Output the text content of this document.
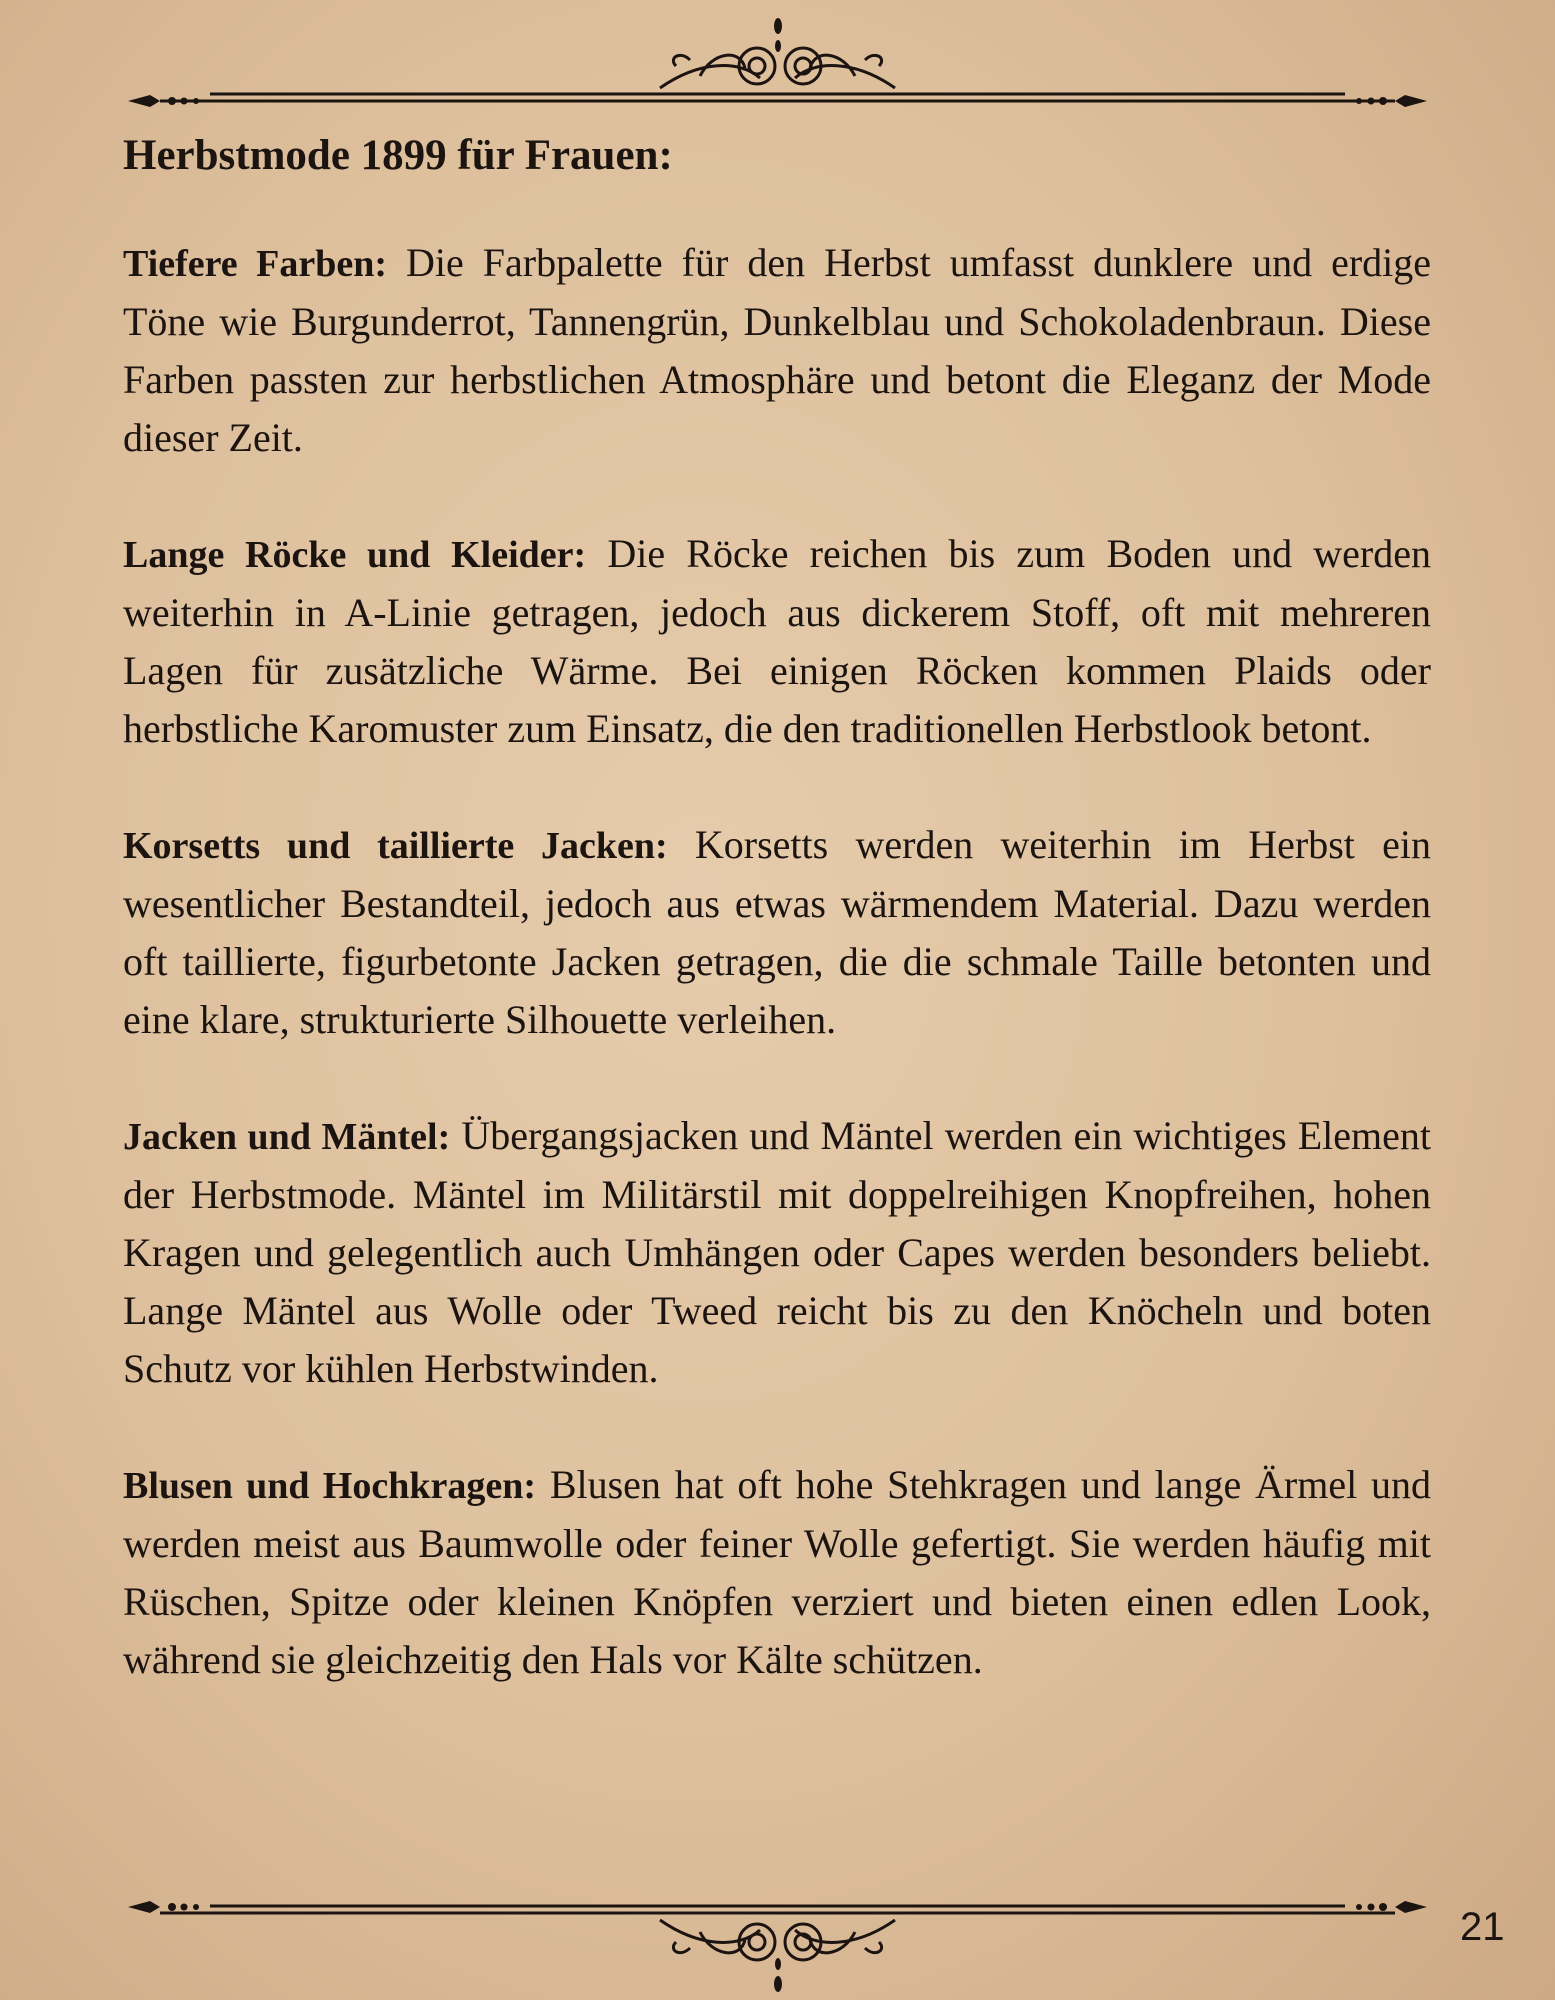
Herbstmode 1899 für Frauen:

Tiefere Farben: Die Farbpalette für den Herbst umfasst dunklere und erdige Töne wie Burgunderrot, Tannengrün, Dunkelblau und Schokoladenbraun. Diese Farben passten zur herbstlichen Atmosphäre und betont die Eleganz der Mode dieser Zeit.

Lange Röcke und Kleider: Die Röcke reichen bis zum Boden und werden weiterhin in A-Linie getragen, jedoch aus dickerem Stoff, oft mit mehreren Lagen für zusätzliche Wärme. Bei einigen Röcken kommen Plaids oder herbstliche Karomuster zum Einsatz, die den traditionellen Herbstlook betont.

Korsetts und taillierte Jacken: Korsetts werden weiterhin im Herbst ein wesentlicher Bestandteil, jedoch aus etwas wärmendem Material. Dazu werden oft taillierte, figurbetonte Jacken getragen, die die schmale Taille betonten und eine klare, strukturierte Silhouette verleihen.

Jacken und Mäntel: Übergangsjacken und Mäntel werden ein wichtiges Element der Herbstmode. Mäntel im Militärstil mit doppelreihigen Knopfreihen, hohen Kragen und gelegentlich auch Umhängen oder Capes werden besonders beliebt. Lange Mäntel aus Wolle oder Tweed reicht bis zu den Knöcheln und boten Schutz vor kühlen Herbstwinden.

Blusen und Hochkragen: Blusen hat oft hohe Stehkragen und lange Ärmel und werden meist aus Baumwolle oder feiner Wolle gefertigt. Sie werden häufig mit Rüschen, Spitze oder kleinen Knöpfen verziert und bieten einen edlen Look, während sie gleichzeitig den Hals vor Kälte schützen.

21
